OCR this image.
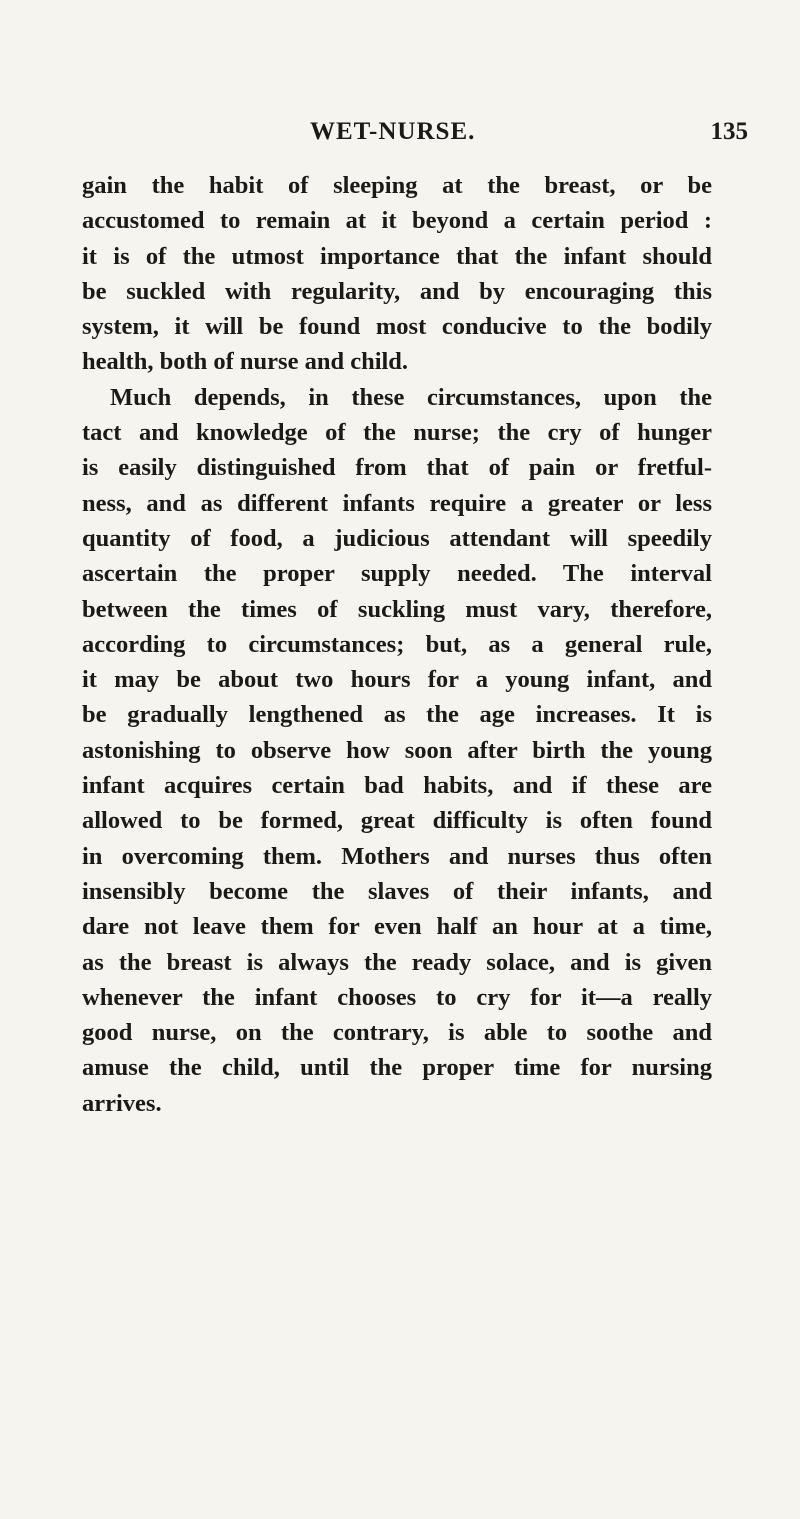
WET-NURSE.	135
gain the habit of sleeping at the breast, or be
accustomed to remain at it beyond a certain period :
it is of the utmost importance that the infant should
be suckled with regularity, and by encouraging this
system, it will be found most conducive to the bodily
health, both of nurse and child.
Much depends, in these circumstances, upon the
tact and knowledge of the nurse; the cry of hunger
is easily distinguished from that of pain or fretful-
ness, and as different infants require a greater or less
quantity of food, a judicious attendant will speedily
ascertain the proper supply needed. The interval
between the times of suckling must vary, therefore,
according to circumstances; but, as a general rule,
it may be about two hours for a young infant, and
be gradually lengthened as the age increases. It is
astonishing to observe how soon after birth the young
infant acquires certain bad habits, and if these are
allowed to be formed, great difficulty is often found
in overcoming them. Mothers and nurses thus often
insensibly become the slaves of their infants, and
dare not leave them for even half an hour at a time,
as the breast is always the ready solace, and is given
whenever the infant chooses to cry for it—a really
good nurse, on the contrary, is able to soothe and
amuse the child, until the proper time for nursing
arrives.
